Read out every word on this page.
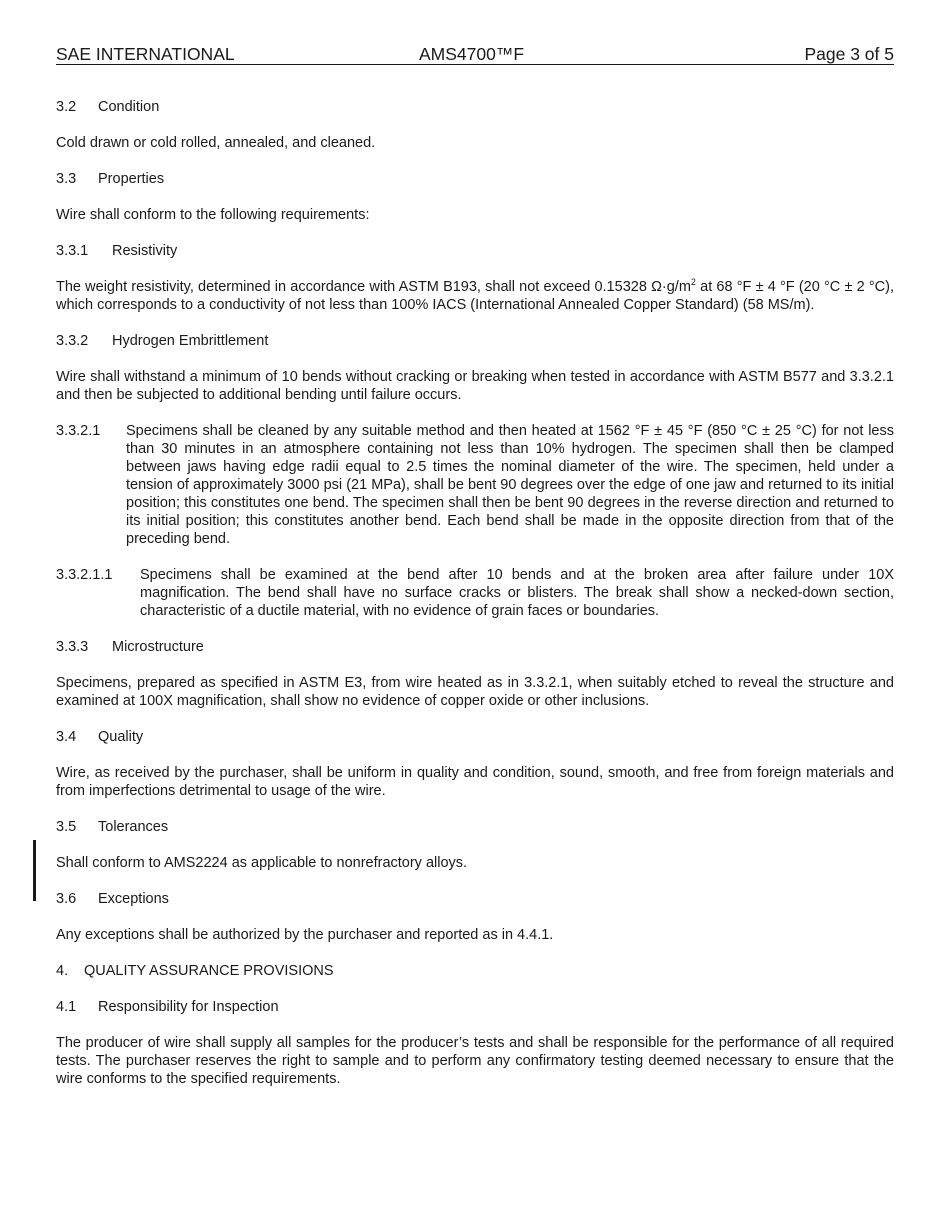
SAE INTERNATIONAL	AMS4700™F	Page 3 of 5
3.2 Condition

Cold drawn or cold rolled, annealed, and cleaned.

3.3 Properties

Wire shall conform to the following requirements:

3.3.1 Resistivity

The weight resistivity, determined in accordance with ASTM B193, shall not exceed 0.15328 $\Omega\cdot g/m^2$ at 68 °F ± 4 °F (20 °C ± 2 °C), which corresponds to a conductivity of not less than 100% IACS (International Annealed Copper Standard) (58 MS/m).

3.3.2 Hydrogen Embrittlement

Wire shall withstand a minimum of 10 bends without cracking or breaking when tested in accordance with ASTM B577 and 3.3.2.1 and then be subjected to additional bending until failure occurs.

3.3.2.1	Specimens shall be cleaned by any suitable method and then heated at 1562 °F ± 45 °F (850 °C ± 25 °C) for not less than 30 minutes in an atmosphere containing not less than 10% hydrogen. The specimen shall then be clamped between jaws having edge radii equal to 2.5 times the nominal diameter of the wire. The specimen, held under a tension of approximately 3000 psi (21 MPa), shall be bent 90 degrees over the edge of one jaw and returned to its initial position; this constitutes one bend. The specimen shall then be bent 90 degrees in the reverse direction and returned to its initial position; this constitutes another bend. Each bend shall be made in the opposite direction from that of the preceding bend.
3.3.2.1.1	Specimens shall be examined at the bend after 10 bends and at the broken area after failure under 10X magnification. The bend shall have no surface cracks or blisters. The break shall show a necked-down section, characteristic of a ductile material, with no evidence of grain faces or boundaries.
3.3.3 Microstructure

Specimens, prepared as specified in ASTM E3, from wire heated as in 3.3.2.1, when suitably etched to reveal the structure and examined at 100X magnification, shall show no evidence of copper oxide or other inclusions.

3.4 Quality

Wire, as received by the purchaser, shall be uniform in quality and condition, sound, smooth, and free from foreign materials and from imperfections detrimental to usage of the wire.

3.5 Tolerances

Shall conform to AMS2224 as applicable to nonrefractory alloys.

3.6 Exceptions

Any exceptions shall be authorized by the purchaser and reported as in 4.4.1.

4. QUALITY ASSURANCE PROVISIONS
4.1 Responsibility for Inspection

The producer of wire shall supply all samples for the producer’s tests and shall be responsible for the performance of all required tests. The purchaser reserves the right to sample and to perform any confirmatory testing deemed necessary to ensure that the wire conforms to the specified requirements.
